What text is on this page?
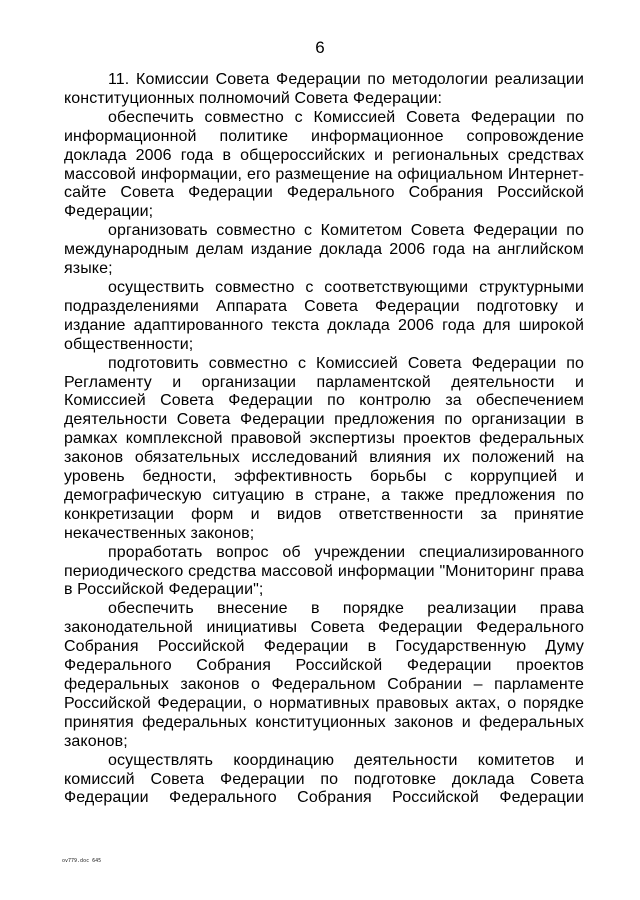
6

11. Комиссии Совета Федерации по методологии реализации конституционных полномочий Совета Федерации:

обеспечить совместно с Комиссией Совета Федерации по информационной политике информационное сопровождение доклада 2006 года в общероссийских и региональных средствах массовой информации, его размещение на официальном Интернет-сайте Совета Федерации Федерального Собрания Российской Федерации;

организовать совместно с Комитетом Совета Федерации по международным делам издание доклада 2006 года на английском языке;

осуществить совместно с соответствующими структурными подразделениями Аппарата Совета Федерации подготовку и издание адаптированного текста доклада 2006 года для широкой общественности;

подготовить совместно с Комиссией Совета Федерации по Регламенту и организации парламентской деятельности и Комиссией Совета Федерации по контролю за обеспечением деятельности Совета Федерации предложения по организации в рамках комплексной правовой экспертизы проектов федеральных законов обязательных исследований влияния их положений на уровень бедности, эффективность борьбы с коррупцией и демографическую ситуацию в стране, а также предложения по конкретизации форм и видов ответственности за принятие некачественных законов;

проработать вопрос об учреждении специализированного периодического средства массовой информации "Мониторинг права в Российской Федерации";

обеспечить внесение в порядке реализации права законодательной инициативы Совета Федерации Федерального Собрания Российской Федерации в Государственную Думу Федерального Собрания Российской Федерации проектов федеральных законов о Федеральном Собрании – парламенте Российской Федерации, о нормативных правовых актах, о порядке принятия федеральных конституционных законов и федеральных законов;

осуществлять координацию деятельности комитетов и комиссий Совета Федерации по подготовке доклада Совета Федерации Федерального Собрания Российской Федерации

ov779.doc 645
